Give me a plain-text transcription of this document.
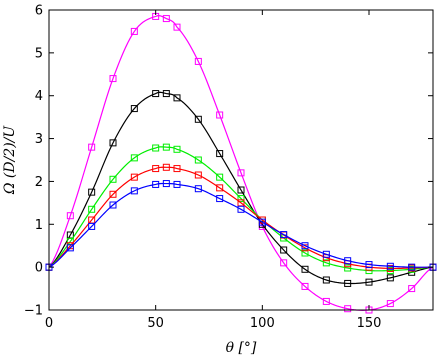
0	50	100	150
−1
0
1
2
3
4
5
6
θ [°]
Ω (D/2)/U
